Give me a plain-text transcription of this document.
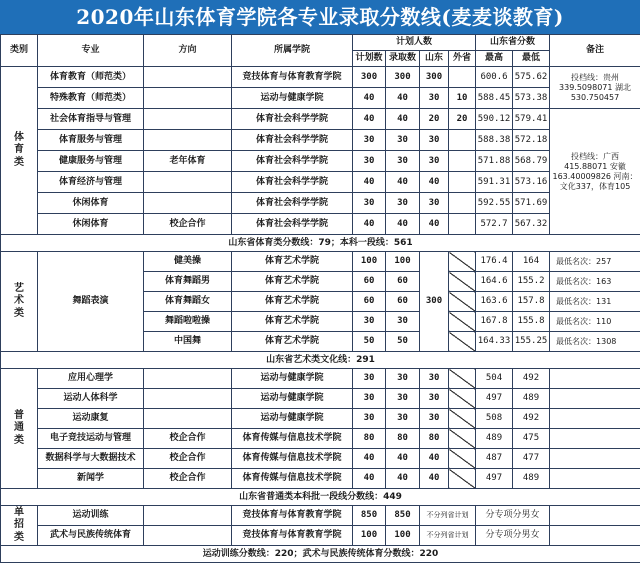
2020年山东体育学院各专业录取分数线(麦麦谈教育)
类别	专业	方向	所属学院	计划人数				山东省分数		备注
				计划数	录取数	山东	外省	最高	最低	
体育类	体育教育（师范类）		竞技体育与体育教育学院	300	300	300		600.6	575.62	投档线：贵州339.5098071 湖北530.750457
	特殊教育（师范类）		运动与健康学院	40	40	30	10	588.45	573.38	
	社会体育指导与管理		体育社会科学学院	40	40	20	20	590.12	579.41	投档线：广西415.88071 安徽163.40009826 河南：文化337，体育105
	体育服务与管理		体育社会科学学院	30	30	30		588.38	572.18	
	健康服务与管理	老年体育	体育社会科学学院	30	30	30		571.88	568.79	
	体育经济与管理		体育社会科学学院	40	40	40		591.31	573.16	
	休闲体育		体育社会科学学院	30	30	30		592.55	571.69	
	休闲体育	校企合作	体育社会科学学院	40	40	40		572.7	567.32	
山东省体育类分数线：79；本科一段线：561										
艺术类	舞蹈表演	健美操	体育艺术学院	100	100	300		176.4	164	最低名次：257
		体育舞蹈男	体育艺术学院	60	60			164.6	155.2	最低名次：163
		体育舞蹈女	体育艺术学院	60	60			163.6	157.8	最低名次：131
		舞蹈啦啦操	体育艺术学院	30	30			167.8	155.8	最低名次：110
		中国舞	体育艺术学院	50	50			164.33	155.25	最低名次：1308
山东省艺术类文化线：291										
普通类	应用心理学		运动与健康学院	30	30	30		504	492	
	运动人体科学		运动与健康学院	30	30	30		497	489	
	运动康复		运动与健康学院	30	30	30		508	492	
	电子竞技运动与管理	校企合作	体育传媒与信息技术学院	80	80	80		489	475	
	数据科学与大数据技术	校企合作	体育传媒与信息技术学院	40	40	40		487	477	
	新闻学	校企合作	体育传媒与信息技术学院	40	40	40		497	489	
山东省普通类本科批一段线分数线：449										
单招类	运动训练		竞技体育与体育教育学院	850	850	不分列省计划		分专项分男女		
	武术与民族传统体育		竞技体育与体育教育学院	100	100	不分列省计划		分专项分男女		
运动训练分数线：220；武术与民族传统体育分数线：220										
